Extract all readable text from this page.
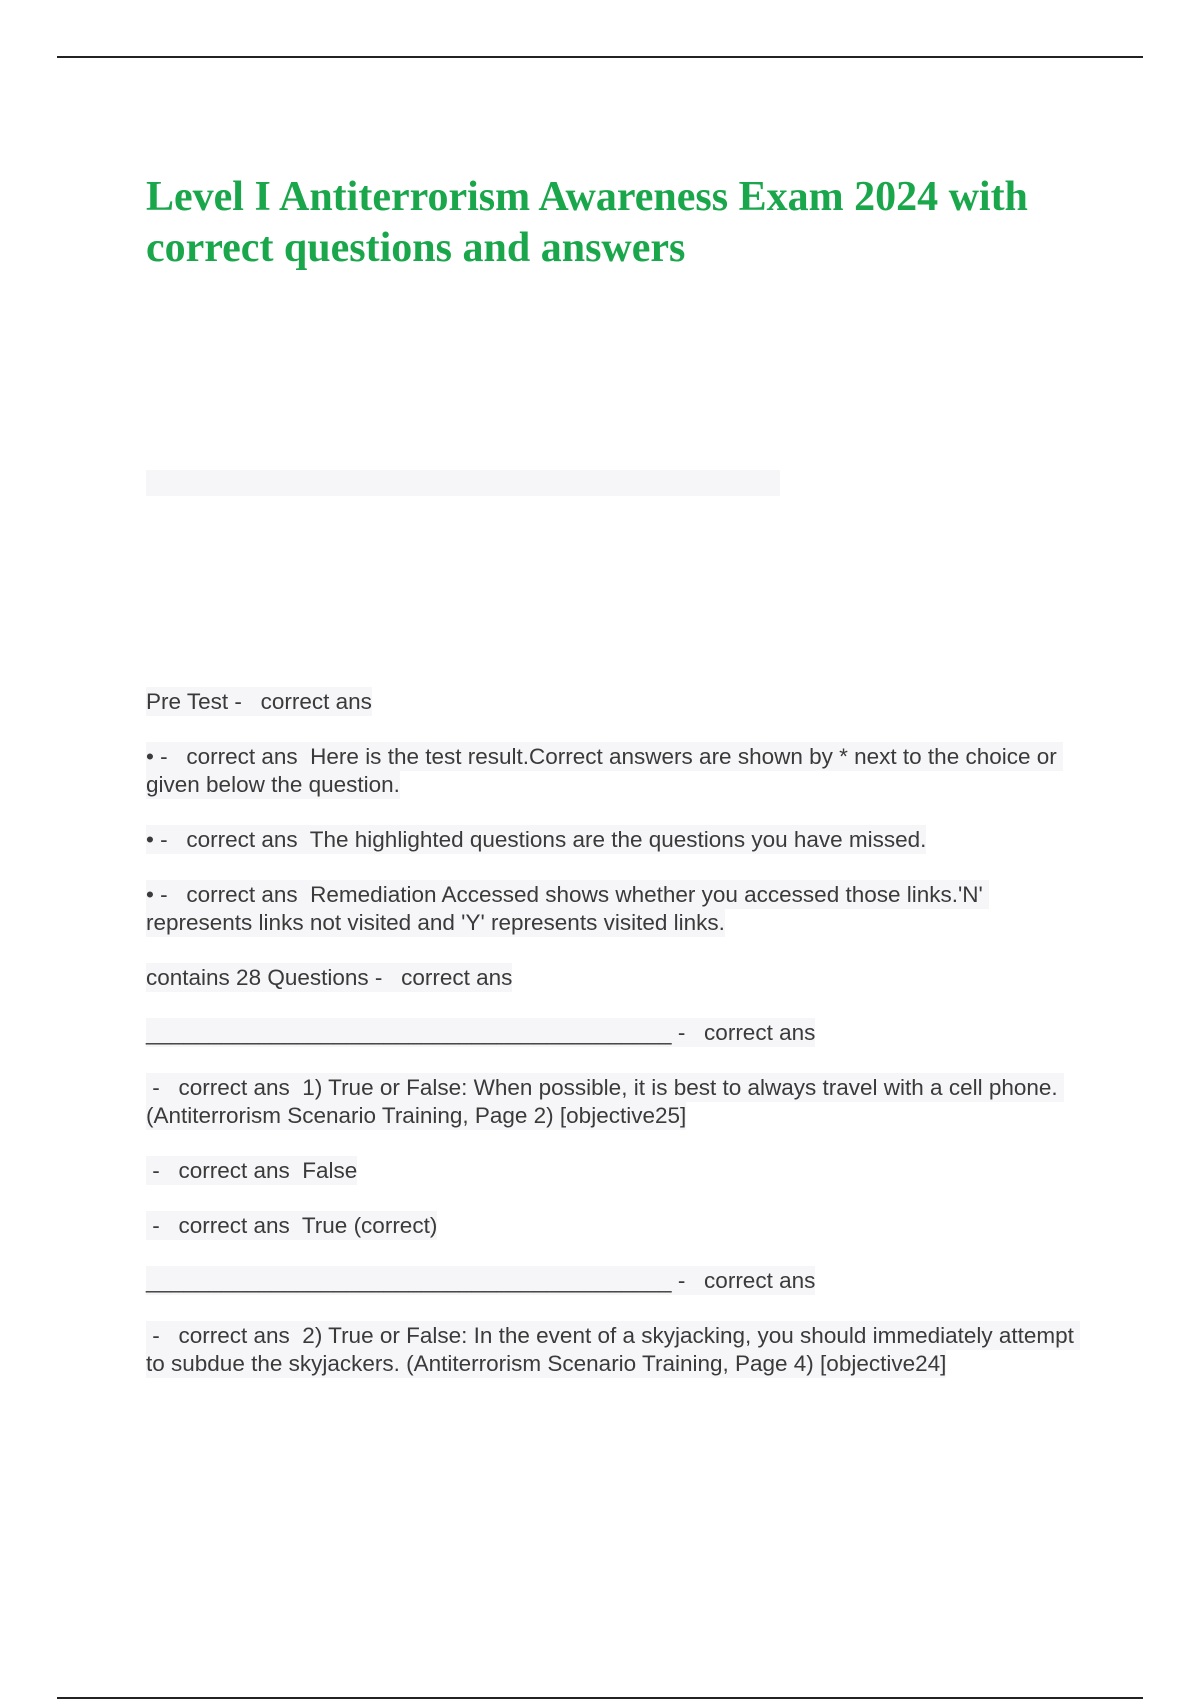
Level I Antiterrorism Awareness Exam 2024 with correct questions and answers

Pre Test -   correct ans

• -   correct ans  Here is the test result.Correct answers are shown by * next to the choice or given below the question.

• -   correct ans  The highlighted questions are the questions you have missed.

• -   correct ans  Remediation Accessed shows whether you accessed those links.'N' represents links not visited and 'Y' represents visited links.

contains 28 Questions -   correct ans

__________________________________________ -   correct ans

-   correct ans  1) True or False: When possible, it is best to always travel with a cell phone. (Antiterrorism Scenario Training, Page 2) [objective25]

-   correct ans  False

-   correct ans  True (correct)

__________________________________________ -   correct ans

-   correct ans  2) True or False: In the event of a skyjacking, you should immediately attempt to subdue the skyjackers. (Antiterrorism Scenario Training, Page 4) [objective24]
